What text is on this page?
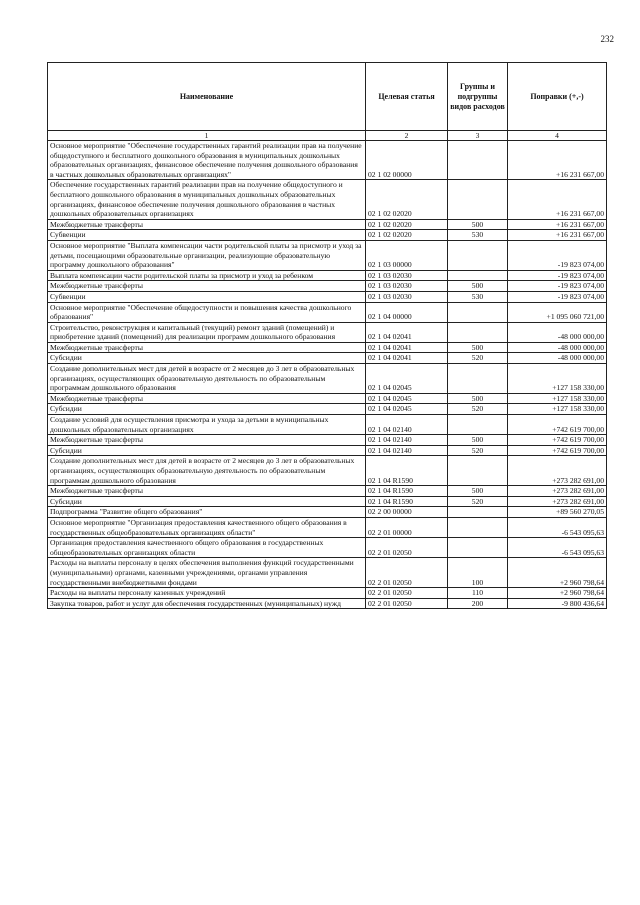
232
Наименование	Целевая статья	Группы и подгруппы видов расходов	Поправки (+,-)
1	2	3	4
Основное мероприятие "Обеспечение государственных гарантий реализации прав на получение общедоступного и бесплатного дошкольного образования в муниципальных дошкольных образовательных организациях, финансовое обеспечение получения дошкольного образования в частных дошкольных образовательных организациях"	02 1 02 00000		+16 231 667,00
Обеспечение государственных гарантий реализации прав на получение общедоступного и бесплатного дошкольного образования в муниципальных дошкольных образовательных организациях, финансовое обеспечение получения дошкольного образования в частных дошкольных образовательных организациях	02 1 02 02020		+16 231 667,00
Межбюджетные трансферты	02 1 02 02020	500	+16 231 667,00
Субвенции	02 1 02 02020	530	+16 231 667,00
Основное мероприятие "Выплата компенсации части родительской платы за присмотр и уход за детьми, посещающими образовательные организации, реализующие образовательную программу дошкольного образования"	02 1 03 00000		-19 823 074,00
Выплата компенсации части родительской платы за присмотр и уход за ребенком	02 1 03 02030		-19 823 074,00
Межбюджетные трансферты	02 1 03 02030	500	-19 823 074,00
Субвенции	02 1 03 02030	530	-19 823 074,00
Основное мероприятие "Обеспечение общедоступности и повышения качества дошкольного образования"	02 1 04 00000		+1 095 060 721,00
Строительство, реконструкция и капитальный (текущий) ремонт зданий (помещений) и приобретение зданий (помещений) для реализации программ дошкольного образования	02 1 04 02041		-48 000 000,00
Межбюджетные трансферты	02 1 04 02041	500	-48 000 000,00
Субсидии	02 1 04 02041	520	-48 000 000,00
Создание дополнительных мест для детей в возрасте от 2 месяцев до 3 лет в образовательных организациях, осуществляющих образовательную деятельность по образовательным программам дошкольного образования	02 1 04 02045		+127 158 330,00
Межбюджетные трансферты	02 1 04 02045	500	+127 158 330,00
Субсидии	02 1 04 02045	520	+127 158 330,00
Создание условий для осуществления присмотра и ухода за детьми в муниципальных дошкольных образовательных организациях	02 1 04 02140		+742 619 700,00
Межбюджетные трансферты	02 1 04 02140	500	+742 619 700,00
Субсидии	02 1 04 02140	520	+742 619 700,00
Создание дополнительных мест для детей в возрасте от 2 месяцев до 3 лет в образовательных организациях, осуществляющих образовательную деятельность по образовательным программам дошкольного образования	02 1 04 R1590		+273 282 691,00
Межбюджетные трансферты	02 1 04 R1590	500	+273 282 691,00
Субсидии	02 1 04 R1590	520	+273 282 691,00
Подпрограмма "Развитие общего образования"	02 2 00 00000		+89 560 270,05
Основное мероприятие "Организация предоставления качественного общего образования в государственных общеобразовательных организациях области"	02 2 01 00000		-6 543 095,63
Организация предоставления качественного общего образования в государственных общеобразовательных организациях области	02 2 01 02050		-6 543 095,63
Расходы на выплаты персоналу в целях обеспечения выполнения функций государственными (муниципальными) органами, казенными учреждениями, органами управления государственными внебюджетными фондами	02 2 01 02050	100	+2 960 798,64
Расходы на выплаты персоналу казенных учреждений	02 2 01 02050	110	+2 960 798,64
Закупка товаров, работ и услуг для обеспечения государственных (муниципальных) нужд	02 2 01 02050	200	-9 800 436,64
